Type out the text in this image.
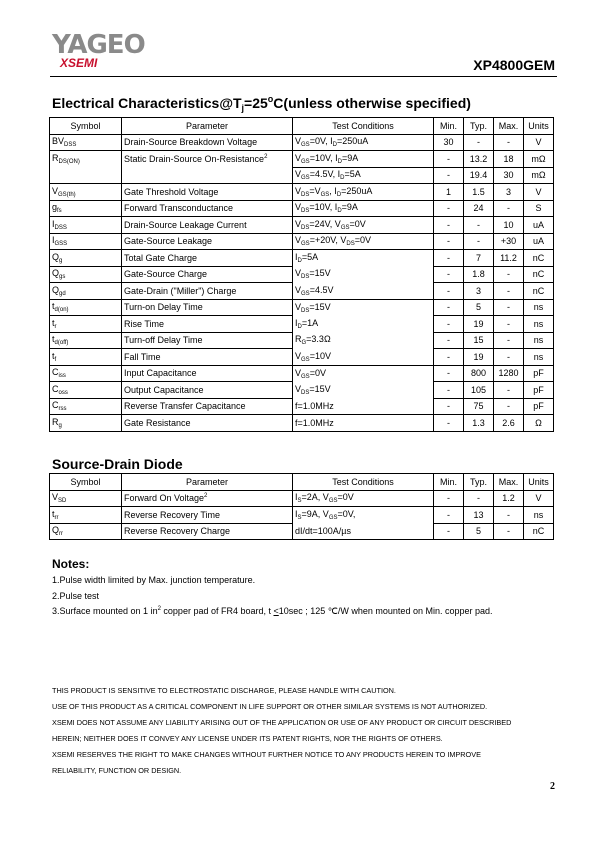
YAGEO
XSEMI	XP4800GEM
Electrical $Characteristics@T_j=25^oC(unless$ otherwise specified)
Symbol	Parameter	Test Conditions	Min.	Typ.	Max.	Units
$BV_{DSS}$	Drain-Source Breakdown Voltage	$V_{GS}=0V$, $I_D=250uA$	30	-	-	V
$R_{DS(ON)}$	Static Drain-Source On-Resistance$^2$	$V_{GS}=10V$, $I_D=9A$	-	13.2	18	mΩ
		$V_{GS}=4.5V$, $I_D=5A$	-	19.4	30	mΩ
$V_{GS(th)}$	Gate Threshold Voltage	$V_{DS}=V_{GS}$, $I_D=250uA$	1	1.5	3	V
$g_{fs}$	Forward Transconductance	$V_{DS}=10V$, $I_D=9A$	-	24	-	S
$I_{DSS}$	Drain-Source Leakage Current	$V_{DS}=24V$, $V_{GS}=0V$	-	-	10	uA
$I_{GSS}$	Gate-Source Leakage	$V_{GS}=+20V$, $V_{DS}=0V$	-	-	+30	uA
$Q_g$	Total Gate Charge	$I_D=5A$	-	7	11.2	nC
$Q_{gs}$	Gate-Source Charge	$V_{DS}=15V$	-	1.8	-	nC
$Q_{gd}$	Gate-Drain ("Miller") Charge	$V_{GS}=4.5V$	-	3	-	nC
$t_{d(on)}$	Turn-on Delay Time	$V_{DS}=15V$	-	5	-	ns
$t_r$	Rise Time	$I_D=1A$	-	19	-	ns
$t_{d(off)}$	Turn-off Delay Time	$R_G=3.3\Omega$	-	15	-	ns
$t_f$	Fall Time	$V_{GS}=10V$	-	19	-	ns
$C_{iss}$	Input Capacitance	$V_{GS}=0V$	-	800	1280	pF
$C_{oss}$	Output Capacitance	$V_{DS}=15V$	-	105	-	pF
$C_{rss}$	Reverse Transfer Capacitance	f=1.0MHz	-	75	-	pF
$R_g$	Gate Resistance	f=1.0MHz	-	1.3	2.6	Ω
Source-Drain Diode
Symbol	Parameter	Test Conditions	Min.	Typ.	Max.	Units
$V_{SD}$	Forward On Voltage$^2$	$I_S=2A$, $V_{GS}=0V$	-	-	1.2	V
$t_{rr}$	Reverse Recovery Time	$I_S=9A$, $V_{GS}=0V$,	-	13	-	ns
$Q_{rr}$	Reverse Recovery Charge	dI/dt=100A/µs	-	5	-	nC
Notes:
1.Pulse width limited by Max. junction temperature.
2.Pulse test
3.Surface mounted on 1 $in^2$ copper pad of FR4 board, t <10sec ; 125 ℃/W when mounted on Min. copper pad.
THIS PRODUCT IS SENSITIVE TO ELECTROSTATIC DISCHARGE, PLEASE HANDLE WITH CAUTION.
USE OF THIS PRODUCT AS A CRITICAL COMPONENT IN LIFE SUPPORT OR OTHER SIMILAR SYSTEMS IS NOT AUTHORIZED.
XSEMI DOES NOT ASSUME ANY LIABILITY ARISING OUT OF THE APPLICATION OR USE OF ANY PRODUCT OR CIRCUIT DESCRIBED
HEREIN; NEITHER DOES IT CONVEY ANY LICENSE UNDER ITS PATENT RIGHTS, NOR THE RIGHTS OF OTHERS.
XSEMI RESERVES THE RIGHT TO MAKE CHANGES WITHOUT FURTHER NOTICE TO ANY PRODUCTS HEREIN TO IMPROVE
RELIABILITY, FUNCTION OR DESIGN.
2
